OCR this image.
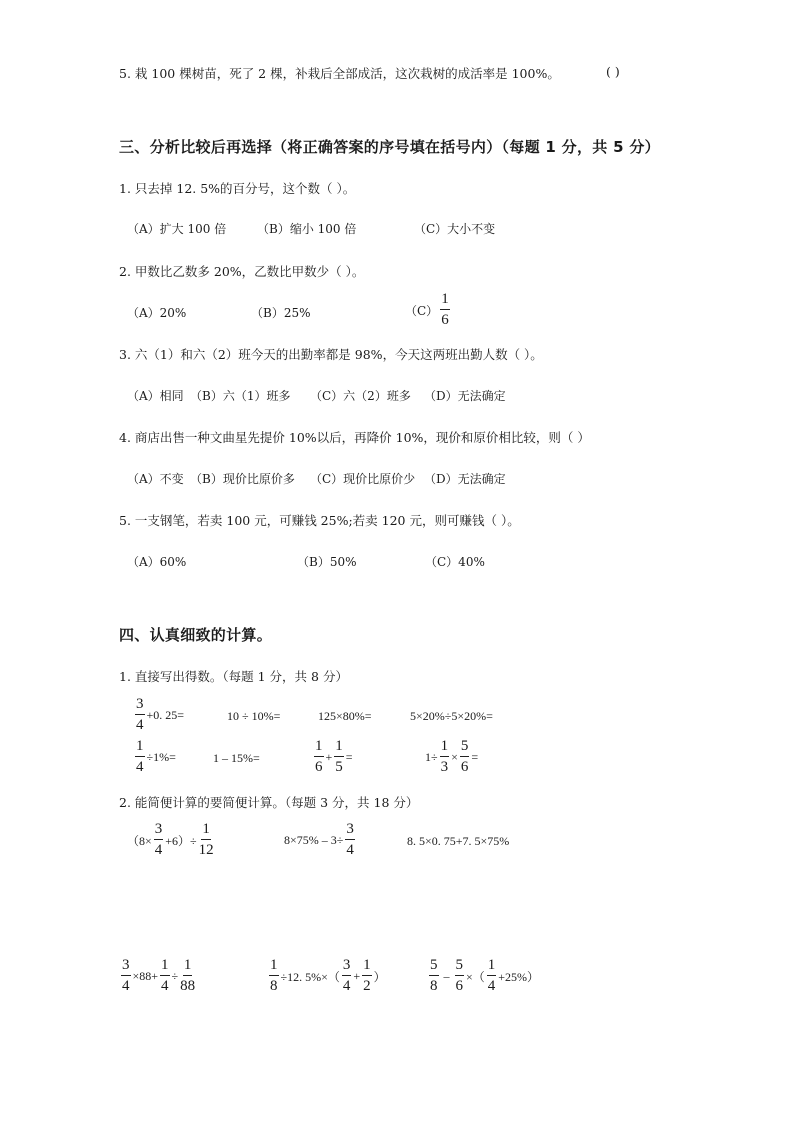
5. 栽 100 棵树苗，死了 2 棵，补栽后全部成活，这次栽树的成活率是 100%。	( )
三、分析比较后再选择（将正确答案的序号填在括号内）（每题 1 分，共 5 分）
1. 只去掉 12. 5%的百分号，这个数（ ）。
（A）扩大 100 倍	（B）缩小 100 倍	（C）大小不变
2. 甲数比乙数多 20%，乙数比甲数少（ ）。
（A）20%	（B）25%	$(C) \frac{1}{6}$
3. 六（1）和六（2）班今天的出勤率都是 98%，今天这两班出勤人数（ ）。
（A）相同 （B）六（1）班多 （C）六（2）班多 （D）无法确定
4. 商店出售一种文曲星先提价 10%以后，再降价 10%，现价和原价相比较，则（ ）
（A）不变 （B）现价比原价多 （C）现价比原价少 （D）无法确定
5. 一支钢笔，若卖 100 元，可赚钱 25%;若卖 120 元，则可赚钱（ ）。
（A）60%	（B）50%	（C）40%
四、认真细致的计算。
1. 直接写出得数。（每题 1 分，共 8 分）
$\frac{3}{4} +0$. 25=	10 ÷ 10%=	125×80%=	5×20%÷5×20%=
$\frac{1}{4} \div 1\%=$	1 – 15%=	$\frac{1}{6} + \frac{1}{5}$ =	$1\div \frac{1}{3} \times \frac{5}{6}$ =
2. 能简便计算的要简便计算。（每题 3 分，共 18 分）
$(8\times \frac{3}{4} +6)\div \frac{1}{12}$	$8\times 75\% - 3\div \frac{3}{4}$	8. 5×0. 75+7. 5×75%
$\frac{3}{4} \times 88+ \frac{1}{4} \div \frac{1}{88}$	$\frac{1}{8} \div 12$. $5\%\times( \frac{3}{4} + \frac{1}{2}$ ）	$\frac{5}{8} - \frac{5}{6}$ ×（ $\frac{1}{4} +25\%$）
